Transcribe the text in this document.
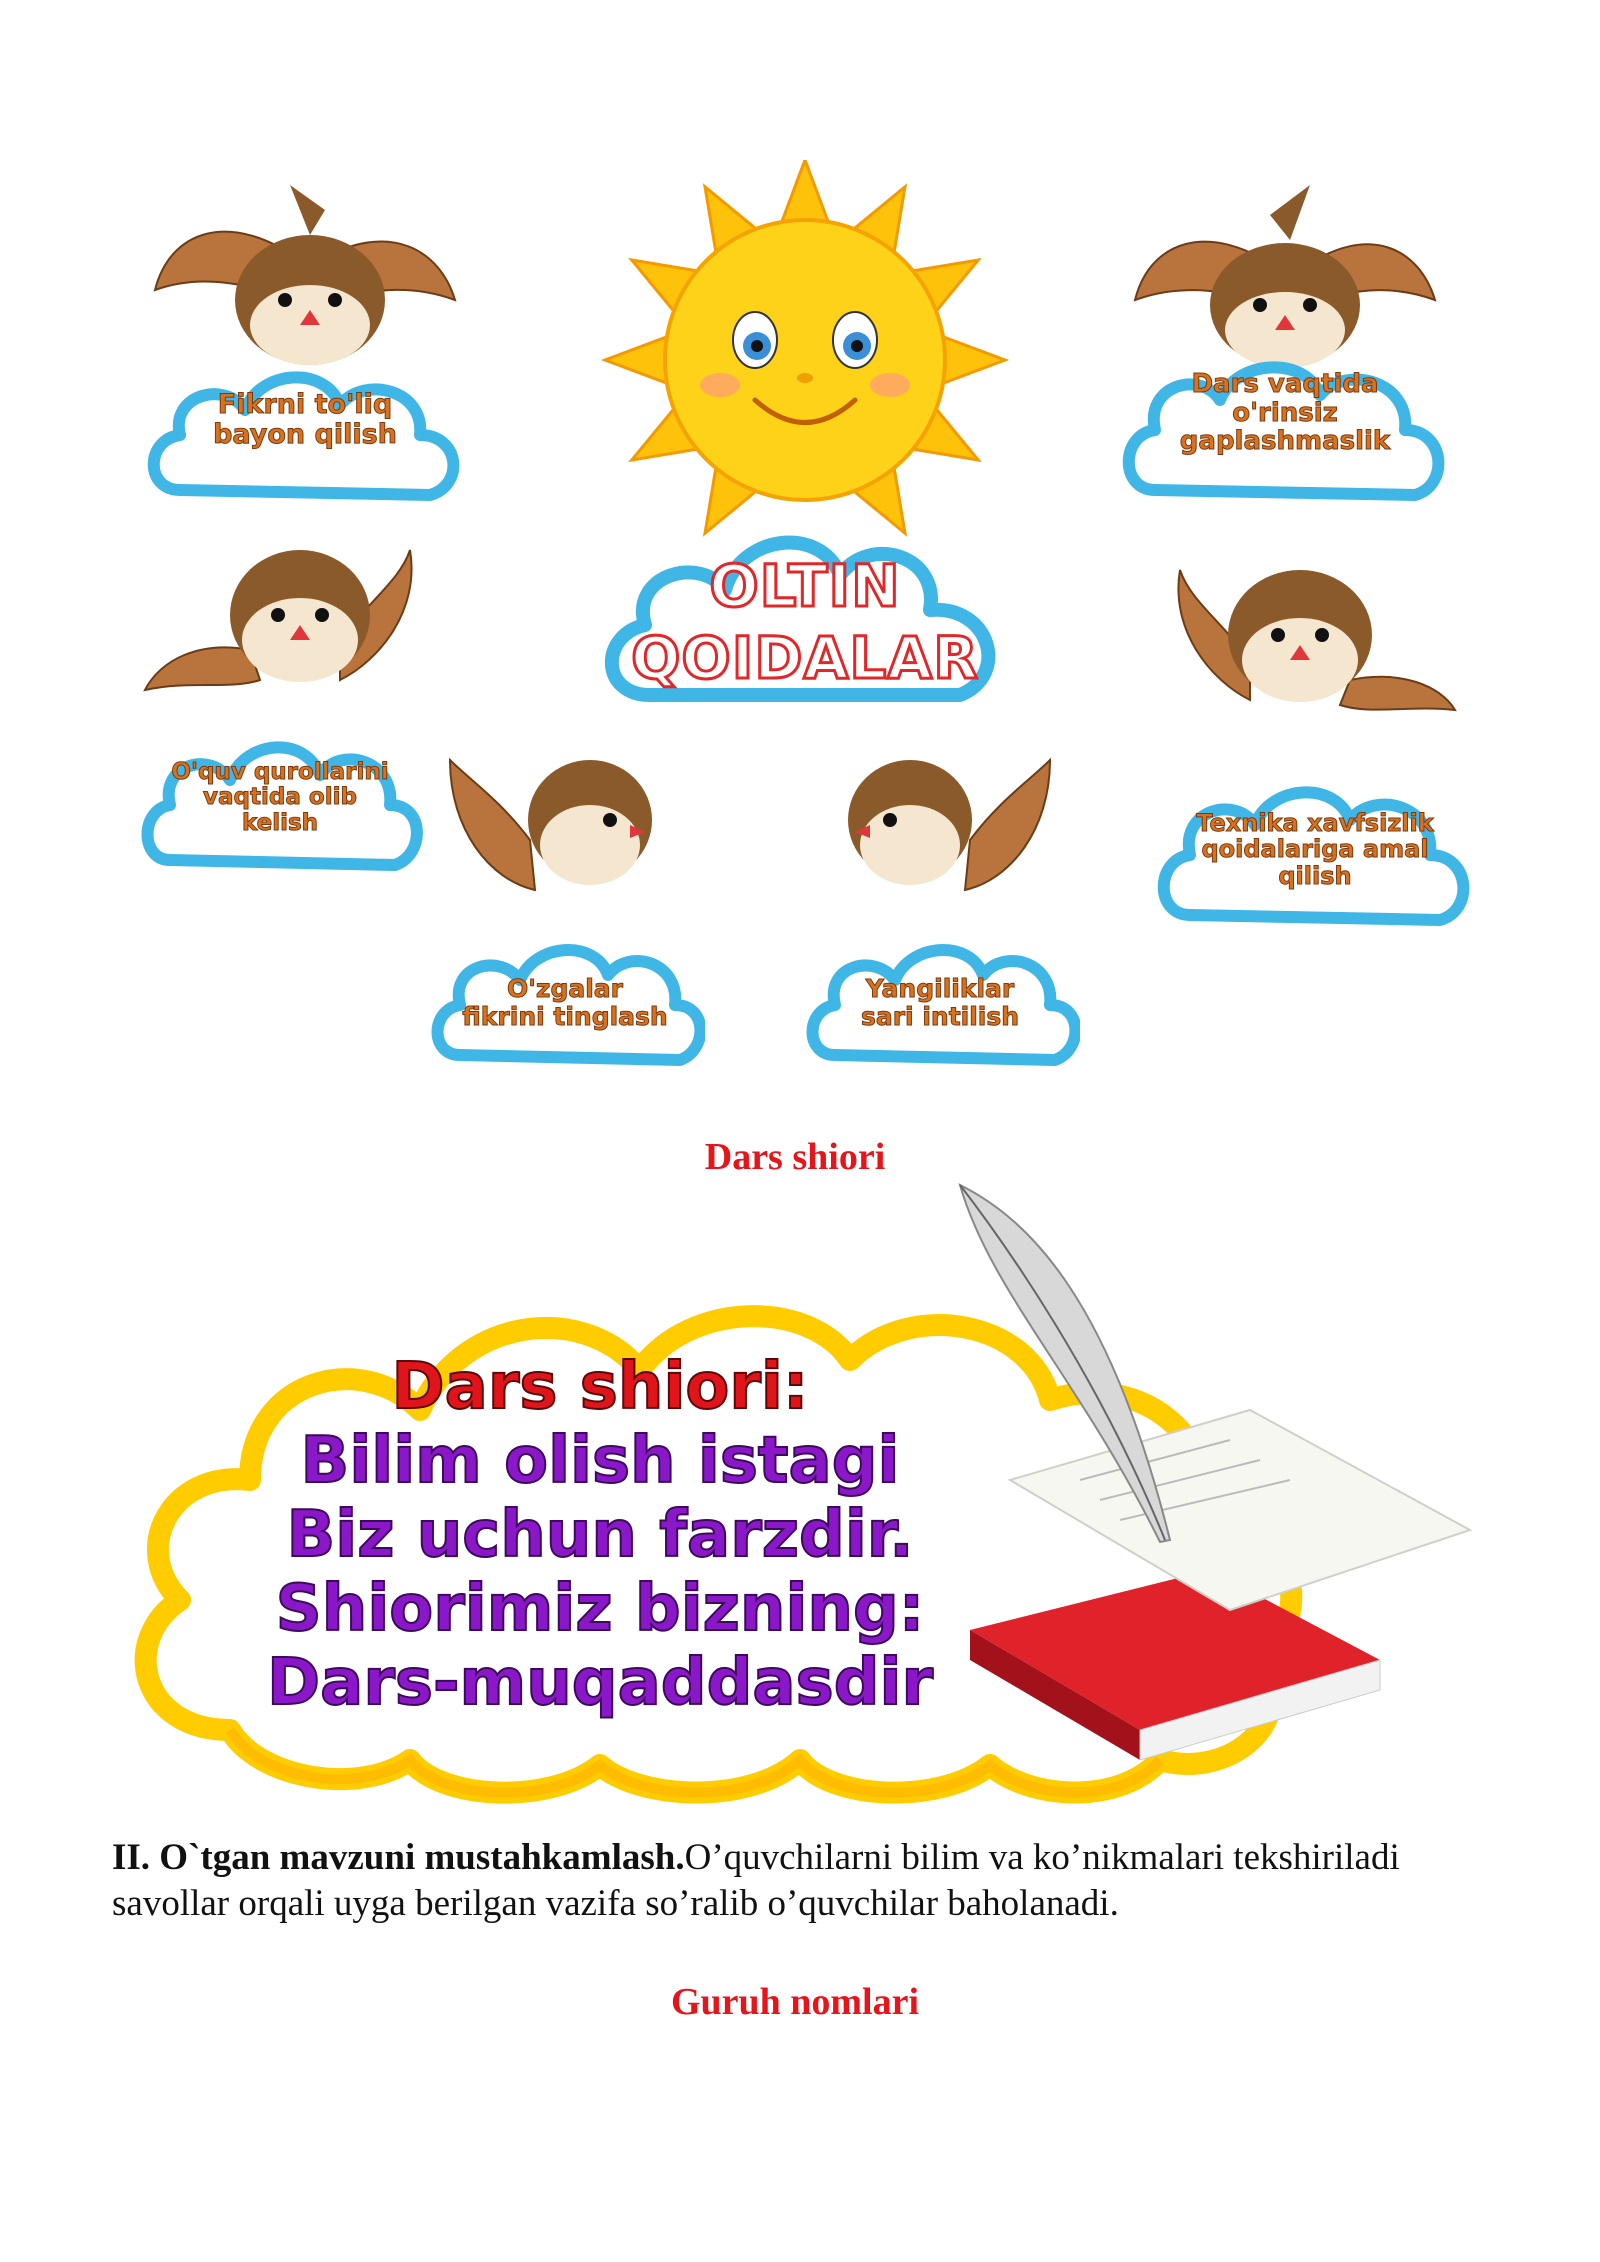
OLTIN
QOIDALAR
Fikrni to'liq
bayon qilish
Dars vaqtida
o'rinsiz
gaplashmaslik
O'quv qurollarini
vaqtida olib
kelish	Texnika xavfsizlik
qoidalariga amal
qilish
O'zgalar
fikrini tinglash
Yangiliklar
sari intilish
Dars shiori
Dars shiori:
Bilim olish istagi
Biz uchun farzdir.
Shiorimiz bizning:
Dars-muqaddasdir
II. O`tgan mavzuni mustahkamlash.O’quvchilarni bilim va ko’nikmalari tekshiriladi savollar orqali uyga berilgan vazifa so’ralib o’quvchilar baholanadi.
Guruh nomlari
